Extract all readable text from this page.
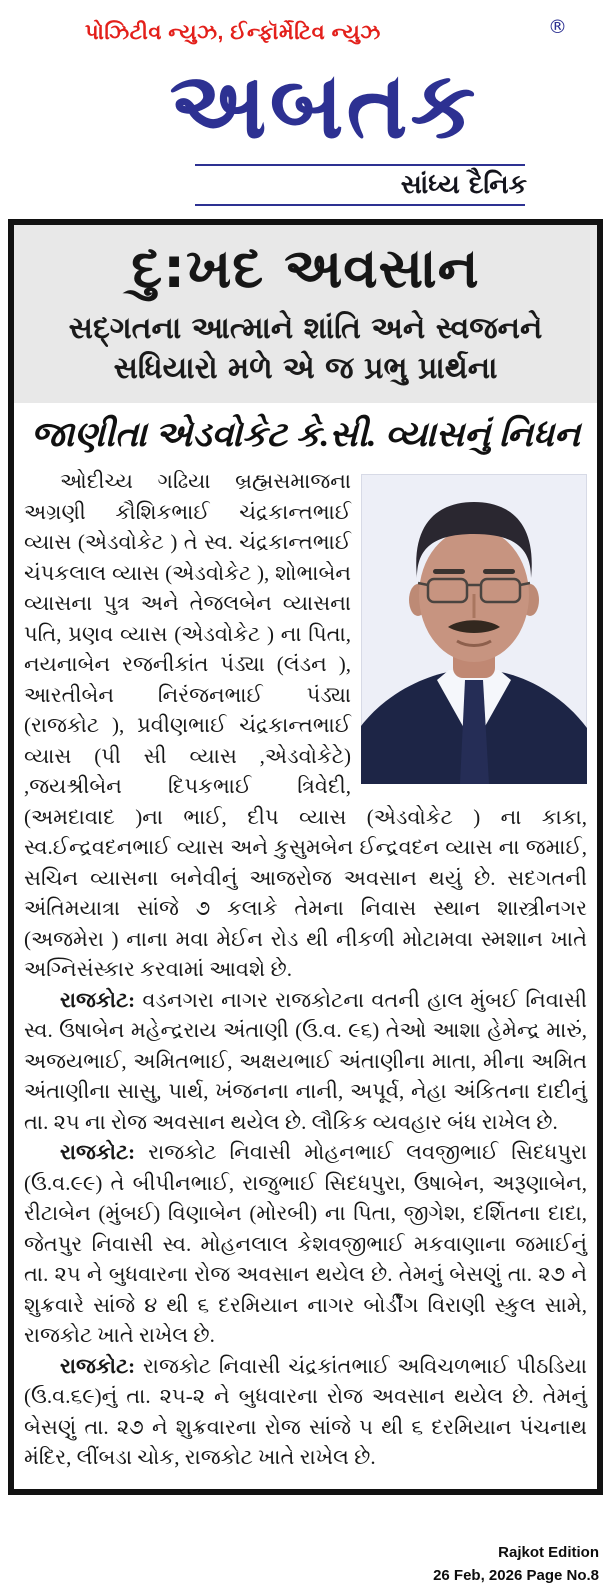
પોઝિટીવ ન્યુઝ, ઈન્ફૉર્મેટિવ ન્યુઝ	®
અબતક
સાંધ્ય દૈનિક
દુ:ખદ અવસાન
સદ્ગતના આત્માને શાંતિ અને સ્વજનને સધિયારો મળે એ જ પ્રભુ પ્રાર્થના
જાણીતા એડવોકેટ કે.સી. વ્યાસનું નિધન

ઓદીચ્ય ગઢિયા બ્રહ્મસમાજના અગ્રણી કૌશિકભાઈ ચંદ્રકાન્તભાઈ વ્યાસ (એડવોકેટ ) તે સ્વ. ચંદ્રકાન્તભાઈ ચંપકલાલ વ્યાસ (એડવોકેટ ), શોભાબેન વ્યાસના પુત્ર અને તેજલબેન વ્યાસના પતિ, પ્રણવ વ્યાસ (એડવોકેટ ) ના પિતા, નયનાબેન રજનીકાંત પંડ્યા (લંડન ), આરતીબેન નિરંજનભાઈ પંડ્યા (રાજકોટ ), પ્રવીણભાઈ ચંદ્રકાન્તભાઈ વ્યાસ (પી સી વ્યાસ ,એડવોકેટે) ,જયશ્રીબેન દિપકભાઈ ત્રિવેદી, (અમદાવાદ )ના ભાઈ, દીપ વ્યાસ (એડવોકેટ ) ના કાકા, સ્વ.ઈન્દ્રવદનભાઈ વ્યાસ અને કુસુમબેન ઈન્દ્રવદન વ્યાસ ના જમાઈ, સચિન વ્યાસના બનેવીનું આજરોજ અવસાન થયું છે. સદગતની અંતિમયાત્રા સાંજે ૭ કલાકે તેમના નિવાસ સ્થાન શાસ્ત્રીનગર (અજમેરા ) નાના મવા મેઈન રોડ થી નીકળી મોટામવા સ્મશાન ખાતે અગ્નિસંસ્કાર કરવામાં આવશે છે.

રાજકોટ: વડનગરા નાગર રાજકોટના વતની હાલ મુંબઈ નિવાસી સ્વ. ઉષાબેન મહેન્દ્રરાય અંતાણી (ઉ.વ. ૯૬) તેઓ આશા હેમેન્દ્ર મારું, અજયભાઈ, અમિતભાઈ, અક્ષયભાઈ અંતાણીના માતા, મીના અમિત અંતાણીના સાસુ, પાર્થ, ખંજનના નાની, અપૂર્વ, નેહા અંકિતના દાદીનું તા. ૨૫ ના રોજ અવસાન થયેલ છે. લૌકિક વ્યવહાર બંધ રાખેલ છે.

રાજકોટ: રાજકોટ નિવાસી મોહનભાઈ લવજીભાઈ સિદધપુરા (ઉ.વ.૯૯) તે બીપીનભાઈ, રાજુભાઈ સિદધપુરા, ઉષાબેન, અરૂણાબેન, રીટાબેન (મુંબઈ) વિણાબેન (મોરબી) ના પિતા, જીગેશ, દર્શિતના દાદા, જેતપુર નિવાસી સ્વ. મોહનલાલ કેશવજીભાઈ મકવાણાના જમાઈનું તા. ૨૫ ને બુધવારના રોજ અવસાન થયેલ છે. તેમનું બેસણું તા. ૨૭ ને શુક્રવારે સાંજે ૪ થી ૬ દરમિયાન નાગર બોર્ડીંગ વિરાણી સ્કુલ સામે, રાજકોટ ખાતે રાખેલ છે.

રાજકોટ: રાજકોટ નિવાસી ચંદ્રકાંતભાઈ અવિચળભાઈ પીઠડિયા (ઉ.વ.૬૯)નું તા. ૨૫-૨ ને બુધવારના રોજ અવસાન થયેલ છે. તેમનું બેસણું તા. ૨૭ ને શુક્રવારના રોજ સાંજે ૫ થી ૬ દરમિયાન પંચનાથ મંદિર, લીંબડા ચોક, રાજકોટ ખાતે રાખેલ છે.

Rajkot Edition
26 Feb, 2026 Page No.8
